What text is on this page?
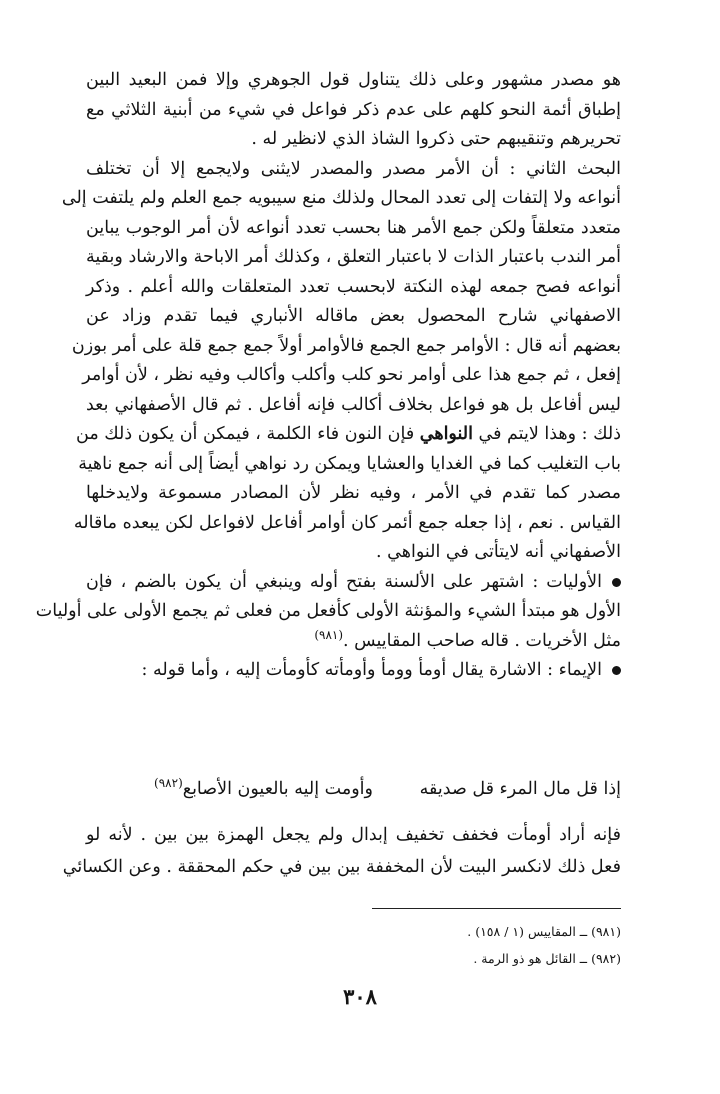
هو مصدر مشهور وعلى ذلك يتناول قول الجوهري وإلا فمن البعيد البين
إطباق أئمة النحو كلهم على عدم ذكر فواعل في شيء من أبنية الثلاثي مع
تحريرهم وتنقيبهم حتى ذكروا الشاذ الذي لانظير له .
البحث الثاني : أن الأمر مصدر والمصدر لايثنى ولايجمع إلا أن تختلف
أنواعه ولا إلتفات إلى تعدد المحال ولذلك منع سيبويه جمع العلم ولم يلتفت إلى
متعدد متعلقاً ولكن جمع الأمر هنا بحسب تعدد أنواعه لأن أمر الوجوب يباين
أمر الندب باعتبار الذات لا باعتبار التعلق ، وكذلك أمر الاباحة والارشاد وبقية
أنواعه فصح جمعه لهذه النكتة لابحسب تعدد المتعلقات والله أعلم . وذكر
الاصفهاني شارح المحصول بعض ماقاله الأنباري فيما تقدم وزاد عن
بعضهم أنه قال : الأوامر جمع الجمع فالأوامر أولاً جمع جمع قلة على أمر بوزن
إفعل ، ثم جمع هذا على أوامر نحو كلب وأكلب وأكالب وفيه نظر ، لأن أوامر
ليس أفاعل بل هو فواعل بخلاف أكالب فإنه أفاعل . ثم قال الأصفهاني بعد
ذلك : وهذا لايتم في النواهي فإن النون فاء الكلمة ، فيمكن أن يكون ذلك من
باب التغليب كما في الغدايا والعشايا ويمكن رد نواهي أيضاً إلى أنه جمع ناهية
مصدر كما تقدم في الأمر ، وفيه نظر لأن المصادر مسموعة ولايدخلها
القياس . نعم ، إذا جعله جمع أئمر كان أوامر أفاعل لافواعل لكن يبعده ماقاله
الأصفهاني أنه لايتأتى في النواهي .
الأوليات : اشتهر على الألسنة بفتح أوله وينبغي أن يكون بالضم ، فإن
الأول هو مبتدأ الشيء والمؤنثة الأولى كأفعل من فعلى ثم يجمع الأولى على أوليات
مثل الأخريات . قاله صاحب المقاييس .$^{(٩٨١)}$
الإيماء : الاشارة يقال أومأ وومأ وأومأته كأومأت إليه ، وأما قوله :
إذا قل مال المرء قل صديقه
وأومت إليه بالعيون الأصابع$^{(٩٨٢)}$
فإنه أراد أومأت فخفف تخفيف إبدال ولم يجعل الهمزة بين بين . لأنه لو
فعل ذلك لانكسر البيت لأن المخففة بين بين في حكم المحققة . وعن الكسائي
(٩٨١) ــ المقاييس (١ / ١٥٨) .
(٩٨٢) ــ القائل هو ذو الرمة .
٣٠٨
